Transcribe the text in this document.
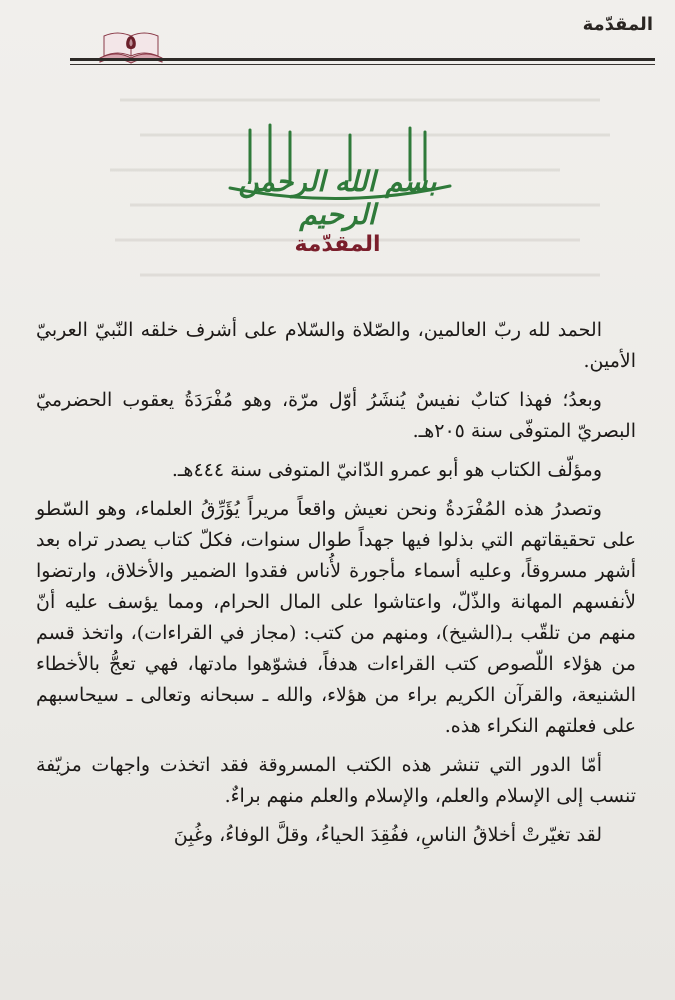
المقدّمة
٥
بسم الله الرحمن الرحيم
المقدّمة

الحمد لله ربّ العالمين، والصّلاة والسّلام على أشرف خلقه النّبيّ العربيّ الأمين.

وبعدُ؛ فهذا كتابٌ نفيسٌ يُنشَرُ أوّل مرّة، وهو مُفْرَدَةُ يعقوب الحضرميّ البصريّ المتوفّى سنة ٢٠٥هـ.

ومؤلّف الكتاب هو أبو عمرو الدّانيّ المتوفى سنة ٤٤٤هـ.

وتصدرُ هذه المُفْرَدةُ ونحن نعيش واقعاً مريراً يُؤَرِّقُ العلماء، وهو السّطو على تحقيقاتهم التي بذلوا فيها جهداً طوال سنوات، فكلّ كتاب يصدر تراه بعد أشهر مسروقاً، وعليه أسماء مأجورة لأُناس فقدوا الضمير والأخلاق، وارتضوا لأنفسهم المهانة والذّلّ، واعتاشوا على المال الحرام، ومما يؤسف عليه أنّ منهم من تلقّب بـ(الشيخ)، ومنهم من كتب: (مجاز في القراءات)، واتخذ قسم من هؤلاء اللّصوص كتب القراءات هدفاً، فشوّهوا مادتها، فهي تعجُّ بالأخطاء الشنيعة، والقرآن الكريم براء من هؤلاء، والله ـ سبحانه وتعالى ـ سيحاسبهم على فعلتهم النكراء هذه.

أمّا الدور التي تنشر هذه الكتب المسروقة فقد اتخذت واجهات مزيّفة تنسب إلى الإسلام والعلم، والإسلام والعلم منهم براءٌ.

لقد تغيّرتْ أخلاقُ الناسِ، ففُقِدَ الحياءُ، وقلَّ الوفاءُ، وغُبِنَ
